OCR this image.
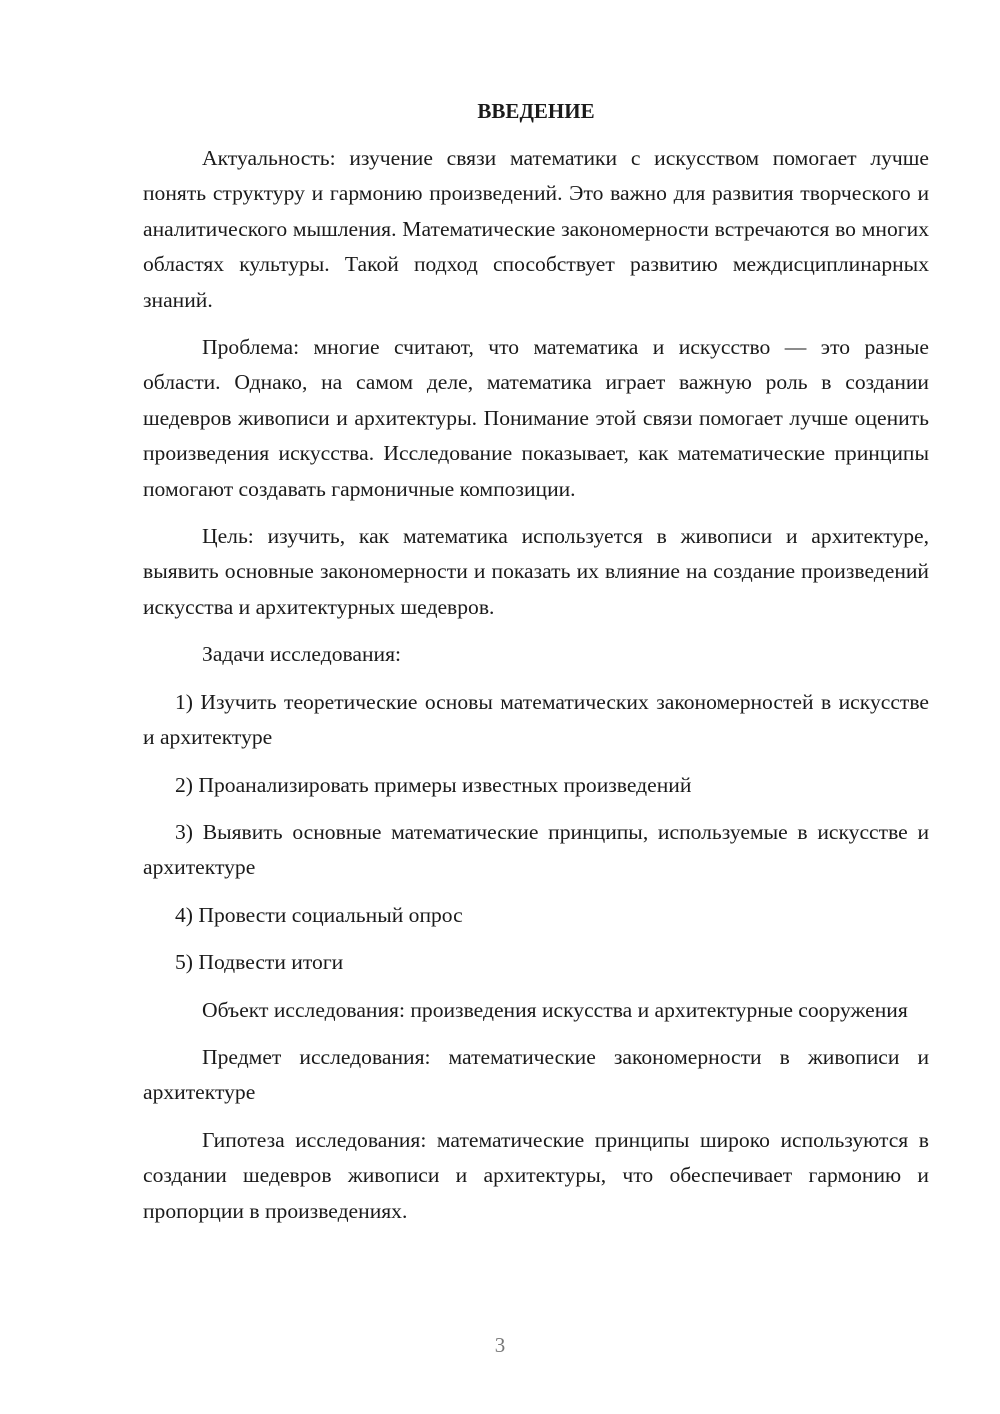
ВВЕДЕНИЕ

Актуальность: изучение связи математики с искусством помогает лучше понять структуру и гармонию произведений. Это важно для развития творческого и аналитического мышления. Математические закономерности встречаются во многих областях культуры. Такой подход способствует развитию междисциплинарных знаний.

Проблема: многие считают, что математика и искусство — это разные области. Однако, на самом деле, математика играет важную роль в создании шедевров живописи и архитектуры. Понимание этой связи помогает лучше оценить произведения искусства. Исследование показывает, как математические принципы помогают создавать гармоничные композиции.

Цель: изучить, как математика используется в живописи и архитектуре, выявить основные закономерности и показать их влияние на создание произведений искусства и архитектурных шедевров.

Задачи исследования:

1) Изучить теоретические основы математических закономерностей в искусстве и архитектуре

2) Проанализировать примеры известных произведений

3) Выявить основные математические принципы, используемые в искусстве и архитектуре

4) Провести социальный опрос

5) Подвести итоги

Объект исследования: произведения искусства и архитектурные сооружения

Предмет исследования: математические закономерности в живописи и архитектуре

Гипотеза исследования: математические принципы широко используются в создании шедевров живописи и архитектуры, что обеспечивает гармонию и пропорции в произведениях.

3
